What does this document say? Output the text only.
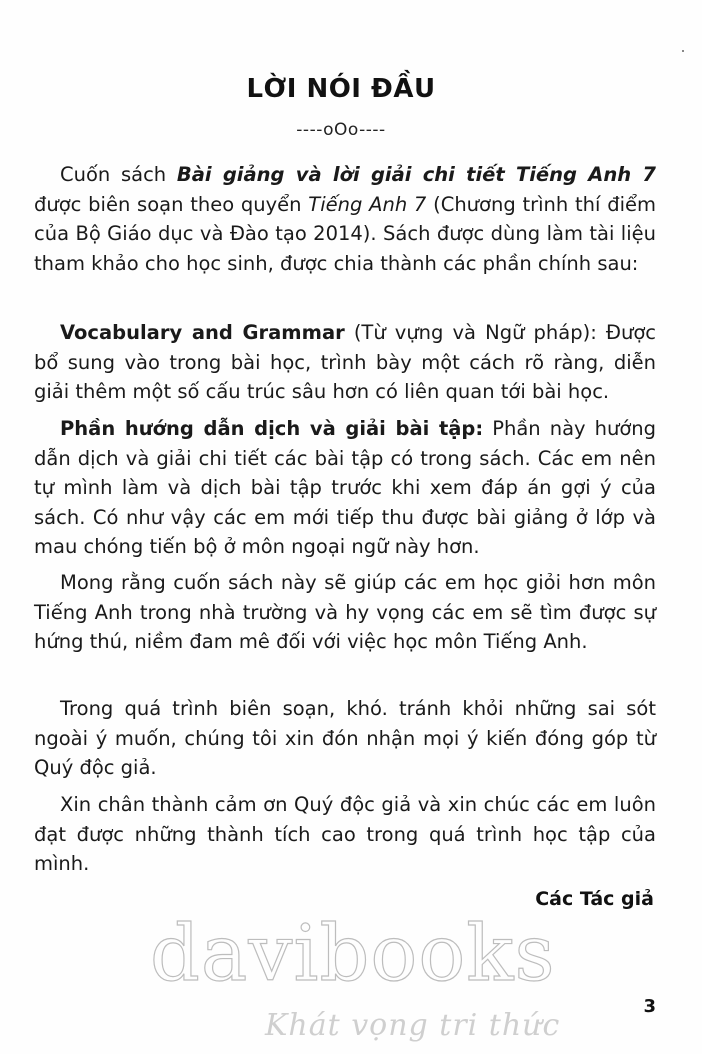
LỜI NÓI ĐẦU
----oOo----

Cuốn sách Bài giảng và lời giải chi tiết Tiếng Anh 7 được biên soạn theo quyển Tiếng Anh 7 (Chương trình thí điểm của Bộ Giáo dục và Đào tạo 2014). Sách được dùng làm tài liệu tham khảo cho học sinh, được chia thành các phần chính sau:

Vocabulary and Grammar (Từ vựng và Ngữ pháp): Được bổ sung vào trong bài học, trình bày một cách rõ ràng, diễn giải thêm một số cấu trúc sâu hơn có liên quan tới bài học.

Phần hướng dẫn dịch và giải bài tập: Phần này hướng dẫn dịch và giải chi tiết các bài tập có trong sách. Các em nên tự mình làm và dịch bài tập trước khi xem đáp án gợi ý của sách. Có như vậy các em mới tiếp thu được bài giảng ở lớp và mau chóng tiến bộ ở môn ngoại ngữ này hơn.

Mong rằng cuốn sách này sẽ giúp các em học giỏi hơn môn Tiếng Anh trong nhà trường và hy vọng các em sẽ tìm được sự hứng thú, niềm đam mê đối với việc học môn Tiếng Anh.

Trong quá trình biên soạn, khó. tránh khỏi những sai sót ngoài ý muốn, chúng tôi xin đón nhận mọi ý kiến đóng góp từ Quý độc giả.

Xin chân thành cảm ơn Quý độc giả và xin chúc các em luôn đạt được những thành tích cao trong quá trình học tập của mình.

Các Tác giả
davibooks
Khát vọng tri thức
3
